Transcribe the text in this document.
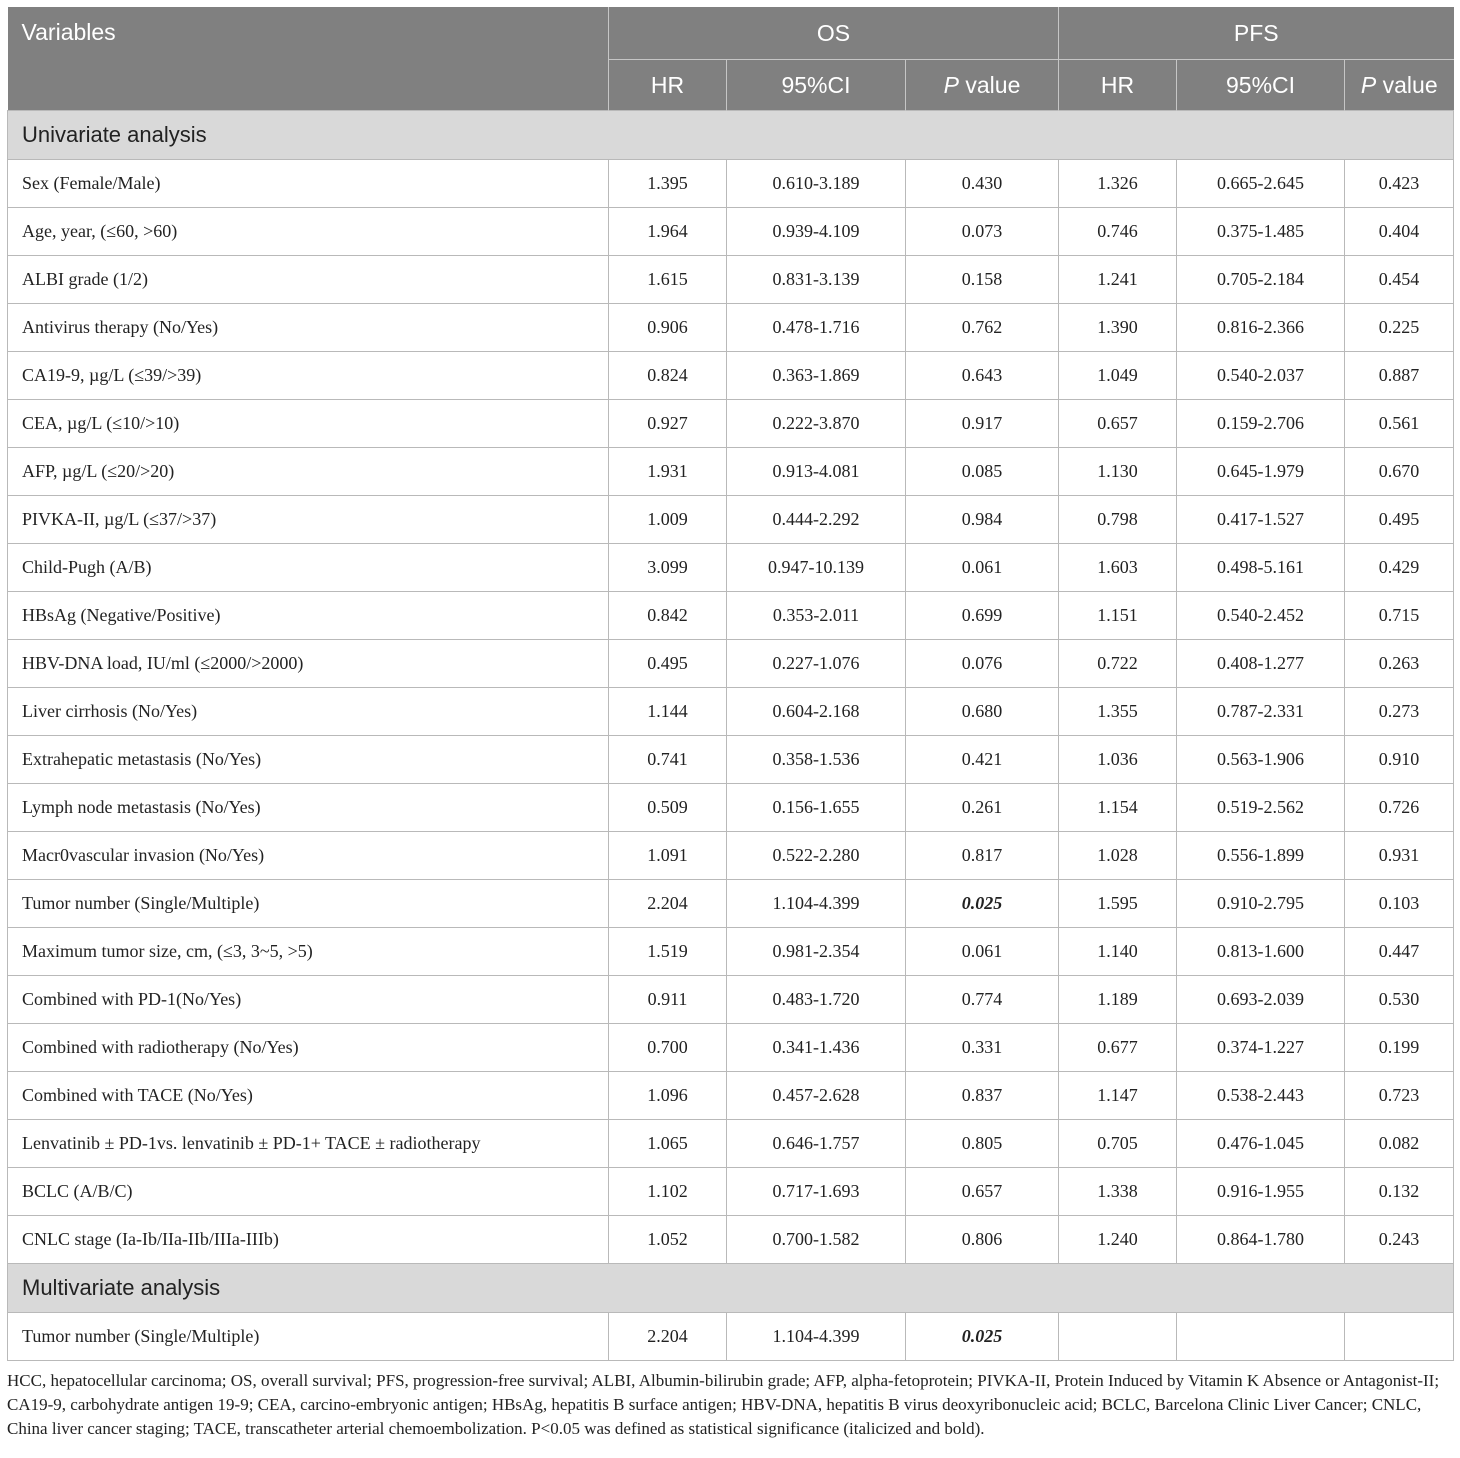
Variables	OS			PFS		
	HR	95%CI	P value	HR	95%CI	P value
Univariate analysis						
Sex (Female/Male)	1.395	0.610-3.189	0.430	1.326	0.665-2.645	0.423
Age, year, (≤60, >60)	1.964	0.939-4.109	0.073	0.746	0.375-1.485	0.404
ALBI grade (1/2)	1.615	0.831-3.139	0.158	1.241	0.705-2.184	0.454
Antivirus therapy (No/Yes)	0.906	0.478-1.716	0.762	1.390	0.816-2.366	0.225
CA19-9, µg/L (≤39/>39)	0.824	0.363-1.869	0.643	1.049	0.540-2.037	0.887
CEA, µg/L (≤10/>10)	0.927	0.222-3.870	0.917	0.657	0.159-2.706	0.561
AFP, µg/L (≤20/>20)	1.931	0.913-4.081	0.085	1.130	0.645-1.979	0.670
PIVKA-II, µg/L (≤37/>37)	1.009	0.444-2.292	0.984	0.798	0.417-1.527	0.495
Child-Pugh (A/B)	3.099	0.947-10.139	0.061	1.603	0.498-5.161	0.429
HBsAg (Negative/Positive)	0.842	0.353-2.011	0.699	1.151	0.540-2.452	0.715
HBV-DNA load, IU/ml (≤2000/>2000)	0.495	0.227-1.076	0.076	0.722	0.408-1.277	0.263
Liver cirrhosis (No/Yes)	1.144	0.604-2.168	0.680	1.355	0.787-2.331	0.273
Extrahepatic metastasis (No/Yes)	0.741	0.358-1.536	0.421	1.036	0.563-1.906	0.910
Lymph node metastasis (No/Yes)	0.509	0.156-1.655	0.261	1.154	0.519-2.562	0.726
Macr0vascular invasion (No/Yes)	1.091	0.522-2.280	0.817	1.028	0.556-1.899	0.931
Tumor number (Single/Multiple)	2.204	1.104-4.399	0.025	1.595	0.910-2.795	0.103
Maximum tumor size, cm, (≤3, 3~5, >5)	1.519	0.981-2.354	0.061	1.140	0.813-1.600	0.447
Combined with PD-1(No/Yes)	0.911	0.483-1.720	0.774	1.189	0.693-2.039	0.530
Combined with radiotherapy (No/Yes)	0.700	0.341-1.436	0.331	0.677	0.374-1.227	0.199
Combined with TACE (No/Yes)	1.096	0.457-2.628	0.837	1.147	0.538-2.443	0.723
Lenvatinib ± PD-1vs. lenvatinib ± PD-1+ TACE ± radiotherapy	1.065	0.646-1.757	0.805	0.705	0.476-1.045	0.082
BCLC (A/B/C)	1.102	0.717-1.693	0.657	1.338	0.916-1.955	0.132
CNLC stage (Ia-Ib/IIa-IIb/IIIa-IIIb)	1.052	0.700-1.582	0.806	1.240	0.864-1.780	0.243
Multivariate analysis						
Tumor number (Single/Multiple)	2.204	1.104-4.399	0.025			
HCC, hepatocellular carcinoma; OS, overall survival; PFS, progression-free survival; ALBI, Albumin-bilirubin grade; AFP, alpha-fetoprotein; PIVKA-II, Protein Induced by Vitamin K Absence or Antagonist-II; CA19-9, carbohydrate antigen 19-9; CEA, carcino-embryonic antigen; HBsAg, hepatitis B surface antigen; HBV-DNA, hepatitis B virus deoxyribonucleic acid; BCLC, Barcelona Clinic Liver Cancer; CNLC, China liver cancer staging; TACE, transcatheter arterial chemoembolization. P<0.05 was defined as statistical significance (italicized and bold).
